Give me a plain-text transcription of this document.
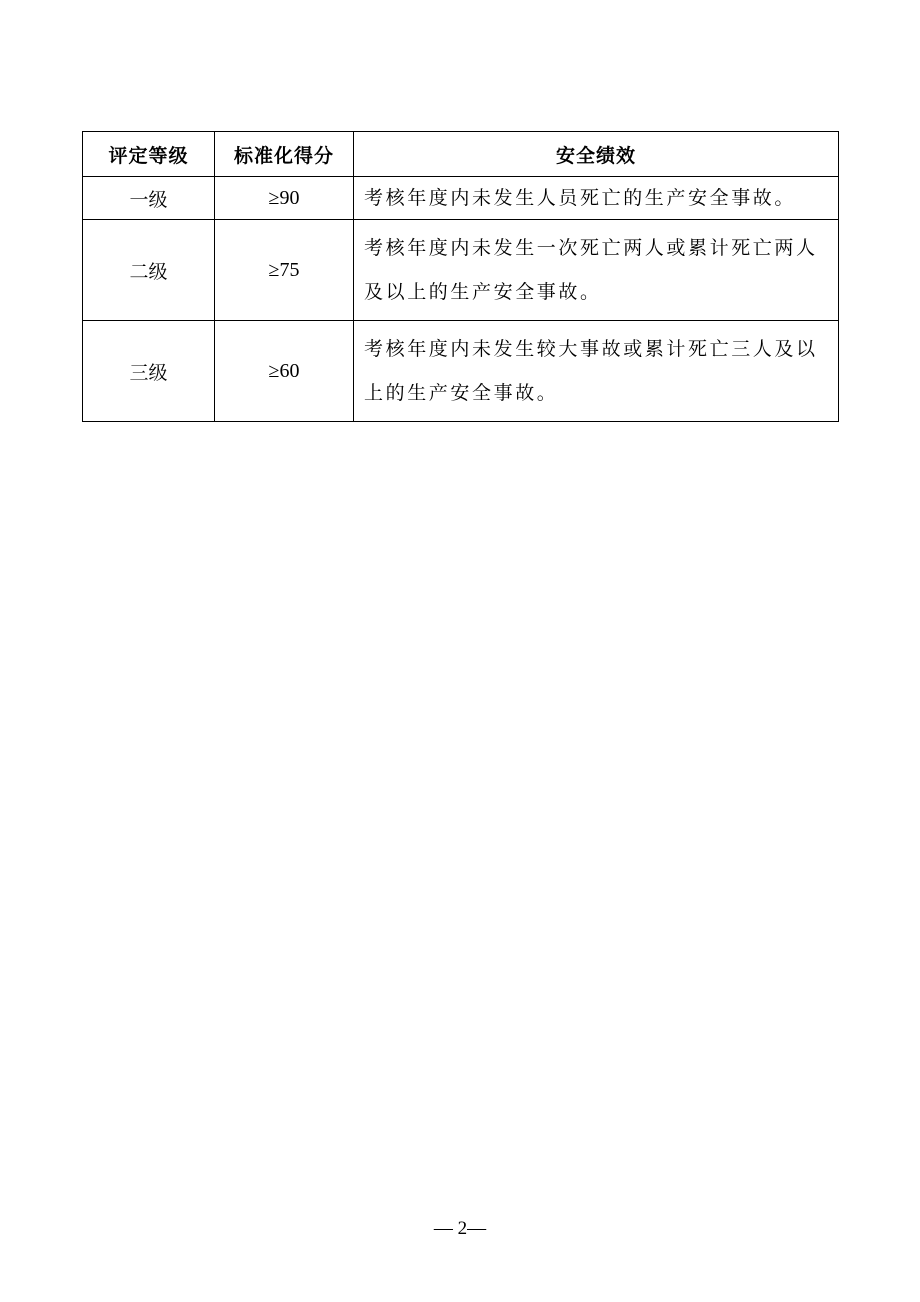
评定等级	标准化得分	安全绩效
一级	≥90	考核年度内未发生人员死亡的生产安全事故。
二级	≥75	考核年度内未发生一次死亡两人或累计死亡两人及以上的生产安全事故。
三级	≥60	考核年度内未发生较大事故或累计死亡三人及以上的生产安全事故。
— 2—
